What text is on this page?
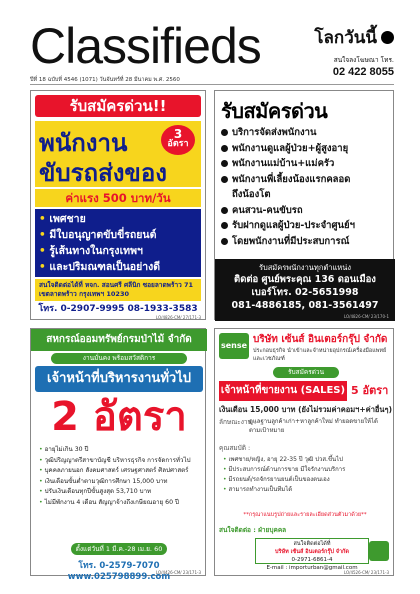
Classifieds	โลกวันนี้
สนใจลงโฆษณา โทร.
02 422 8055
ปีที่ 18 ฉบับที่ 4546 (1071) วันจันทร์ที่ 28 มีนาคม พ.ศ. 2560
รับสมัครด่วน!!
พนักงาน
ขับรถส่งของ
3
อัตรา
ค่าแรง 500 บาท/วัน
• เพศชาย
• มีใบอนุญาตขับขี่รถยนต์
• รู้เส้นทางในกรุงเทพฯ
• และปริมณฑลเป็นอย่างดี
สนใจติดต่อได้ที่ หจก. สอนศรี ศลีนิก ซอยลาดพร้าว 71 เขตลาดพร้าว กรุงเทพฯ 10230
โทร. 0-2907-9995 08-1933-3583
LO/4826-CM/ 27/171-3
รับสมัครด่วน
บริการจัดส่งพนักงาน
พนักงานดูแลผู้ป่วย+ผู้สูงอายุ
พนักงานแม่บ้าน+แม่ครัว
พนักงานพี่เลี้ยงน้องแรกคลอด
ถึงน้องโต
คนสวน-คนขับรถ
รับฝากดูแลผู้ป่วย-ประจำศูนย์ฯ
โดยพนักงานที่มีประสบการณ์
รับสมัครพนักงานทุกตำแหน่ง
ติดต่อ ศูนย์พระคุณ 136 ดอนเมือง
เบอร์โทร. 02-5651998
081-4886185, 081-3561497
LO/4826-CM/ 23/170-1
สหกรณ์ออมทรัพย์กรมป่าไม้ จำกัด
งานมั่นคง พร้อมสวัสดิการ
เจ้าหน้าที่บริหารงานทั่วไป
2 อัตรา
• อายุไม่เกิน 30 ปี
• วุฒิปริญญาตรีสาขาบัญชี บริหารธุรกิจ การจัดการทั่วไป
• บุคคลภายนอก สังคมศาสตร์ เศรษฐศาสตร์ ศิลปศาสตร์
• เงินเดือนขั้นต่ำตามวุฒิการศึกษา 15,000 บาท
• ปรับเงินเดือนทุกปีขั้นสูงสุด 53,710 บาท
• ไม่มีพักงาน 4 เดือน สัญญาจ้างถึงเกษียณอายุ 60 ปี
ตั้งแต่วันที่ 1 มี.ค.-28 เม.ย. 60
โทร. 0-2579-7070 www.025798899.com
LO/4426-CM/ 23/171-3
sense
บริษัท เซ้นส์ อินเตอร์กรุ๊ป จำกัด
ประกอบธุรกิจ นำเข้าและจำหน่ายอุปกรณ์เครื่องมือแพทย์และเวชภัณฑ์
รับสมัครด่วน
เจ้าหน้าที่ขายงาน (SALES) 5 อัตรา
เงินเดือน 15,000 บาท (ยังไม่รวมค่าคอมฯ+ค่าอื่นๆ)
ลักษณะงาน :
ดูแลฐานลูกค้าเก่า+หาลูกค้าใหม่ ทำยอดขายให้ได้ตามเป้าหมาย
คุณสมบัติ :
• เพศชาย/หญิง, อายุ 22-35 ปี วุฒิ ปวส.ขึ้นไป
• มีประสบการณ์ด้านการขาย มีใจรักงานบริการ
• มีรถยนต์/รถจักรยานยนต์เป็นของตนเอง
• สามารถทำงานเป็นทีมได้
**กรุณาแนบรูปถ่ายและรายละเอียดส่วนตัวมาด้วย**
สนใจติดต่อ : ฝ่ายบุคคล
สนใจติดต่อได้ที่
บริษัท เซ้นส์ อินเตอร์กรุ๊ป จำกัด
0-2971-6861-4
E-mail : importurban@gmail.com
LO/4526-CM/ 23/171-3
